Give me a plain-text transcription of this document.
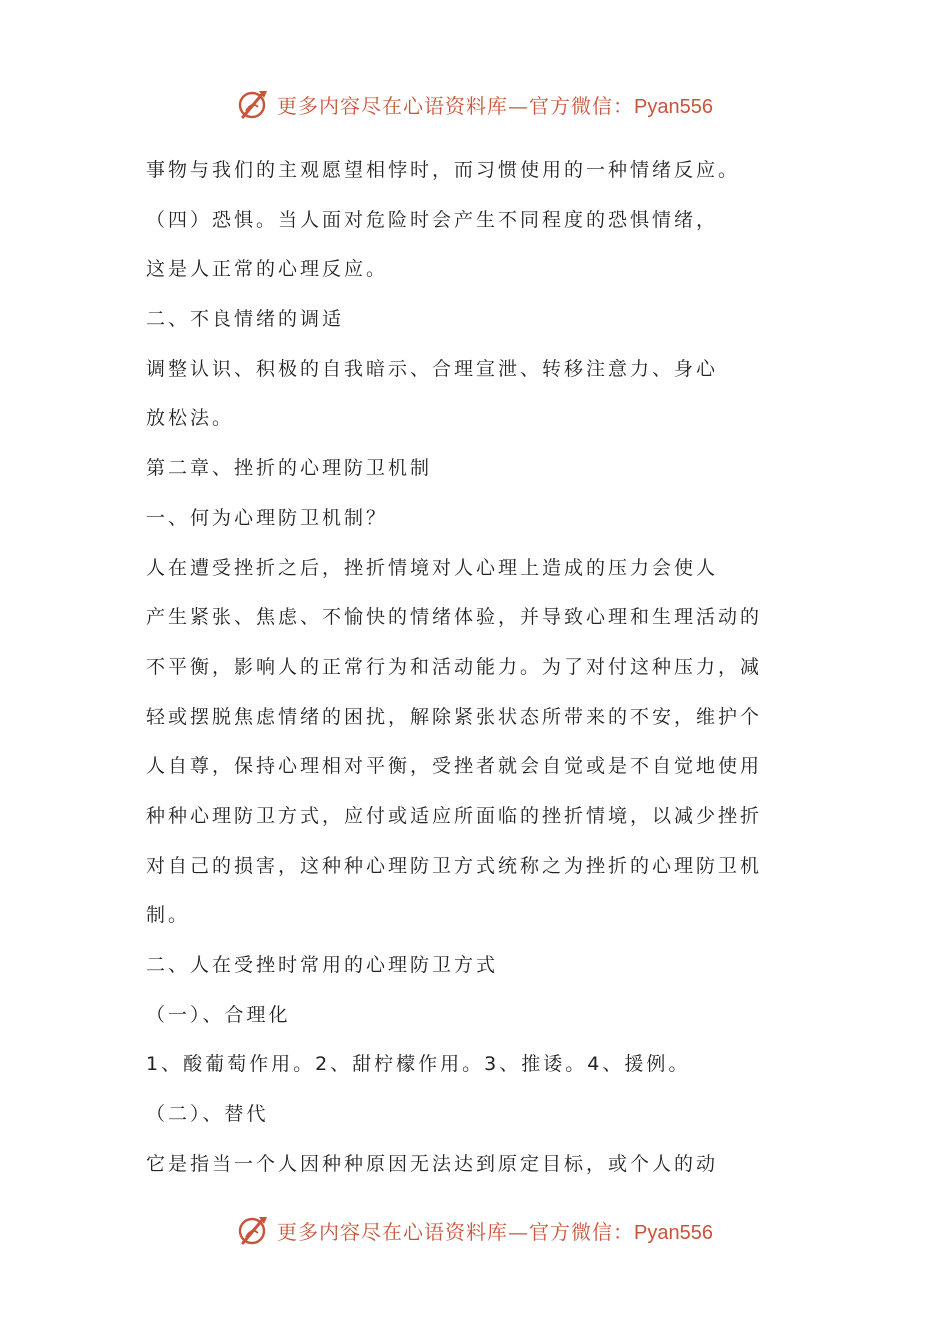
更多内容尽在心语资料库—官方微信：Pyan556
事物与我们的主观愿望相悖时，而习惯使用的一种情绪反应。
（四）恐惧。当人面对危险时会产生不同程度的恐惧情绪，
这是人正常的心理反应。
二、不良情绪的调适
调整认识、积极的自我暗示、合理宣泄、转移注意力、身心
放松法。
第二章、挫折的心理防卫机制
一、何为心理防卫机制？
人在遭受挫折之后，挫折情境对人心理上造成的压力会使人
产生紧张、焦虑、不愉快的情绪体验，并导致心理和生理活动的
不平衡，影响人的正常行为和活动能力。为了对付这种压力，减
轻或摆脱焦虑情绪的困扰，解除紧张状态所带来的不安，维护个
人自尊，保持心理相对平衡，受挫者就会自觉或是不自觉地使用
种种心理防卫方式，应付或适应所面临的挫折情境，以减少挫折
对自己的损害，这种种心理防卫方式统称之为挫折的心理防卫机
制。
二、人在受挫时常用的心理防卫方式
（一）、合理化
1、酸葡萄作用。2、甜柠檬作用。3、推诿。4、援例。
（二）、替代
它是指当一个人因种种原因无法达到原定目标，或个人的动
更多内容尽在心语资料库—官方微信：Pyan556
